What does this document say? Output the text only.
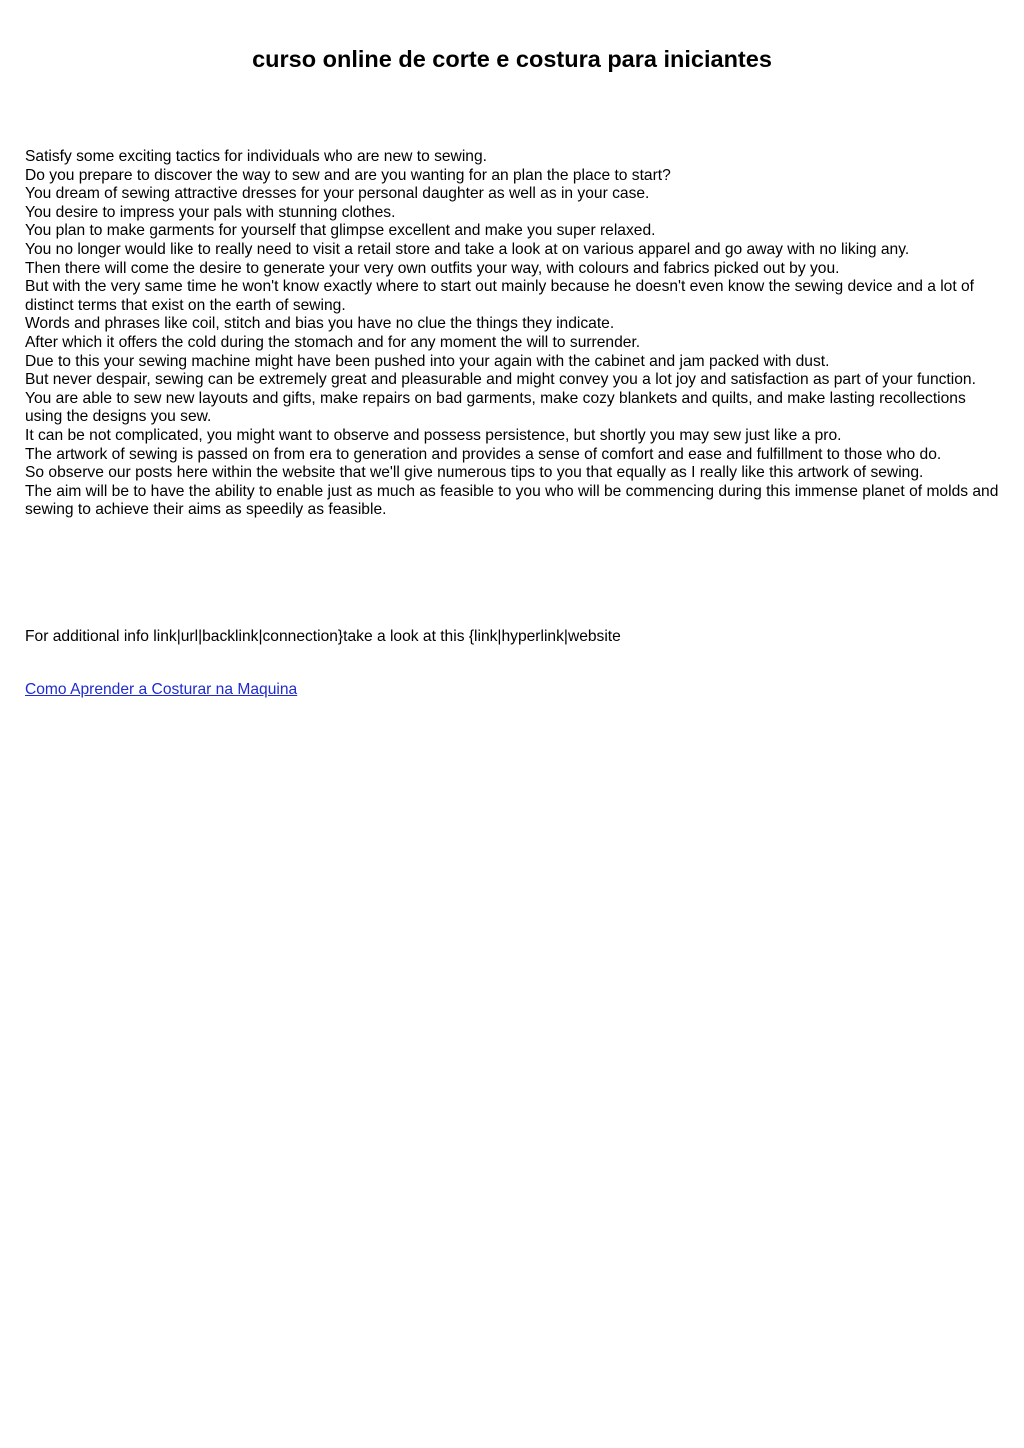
curso online de corte e costura para iniciantes
Satisfy some exciting tactics for individuals who are new to sewing.
Do you prepare to discover the way to sew and are you wanting for an plan the place to start?
You dream of sewing attractive dresses for your personal daughter as well as in your case.
You desire to impress your pals with stunning clothes.
You plan to make garments for yourself that glimpse excellent and make you super relaxed.
You no longer would like to really need to visit a retail store and take a look at on various apparel and go away with no liking any.
Then there will come the desire to generate your very own outfits your way, with colours and fabrics picked out by you.
But with the very same time he won't know exactly where to start out mainly because he doesn't even know the sewing device and a lot of distinct terms that exist on the earth of sewing.
Words and phrases like coil, stitch and bias you have no clue the things they indicate.
After which it offers the cold during the stomach and for any moment the will to surrender.
Due to this your sewing machine might have been pushed into your again with the cabinet and jam packed with dust.
But never despair, sewing can be extremely great and pleasurable and might convey you a lot joy and satisfaction as part of your function.
You are able to sew new layouts and gifts, make repairs on bad garments, make cozy blankets and quilts, and make lasting recollections using the designs you sew.
It can be not complicated, you might want to observe and possess persistence, but shortly you may sew just like a pro.
The artwork of sewing is passed on from era to generation and provides a sense of comfort and ease and fulfillment to those who do.
So observe our posts here within the website that we'll give numerous tips to you that equally as I really like this artwork of sewing.
The aim will be to have the ability to enable just as much as feasible to you who will be commencing during this immense planet of molds and sewing to achieve their aims as speedily as feasible.
For additional info link|url|backlink|connection}take a look at this {link|hyperlink|website
Como Aprender a Costurar na Maquina
